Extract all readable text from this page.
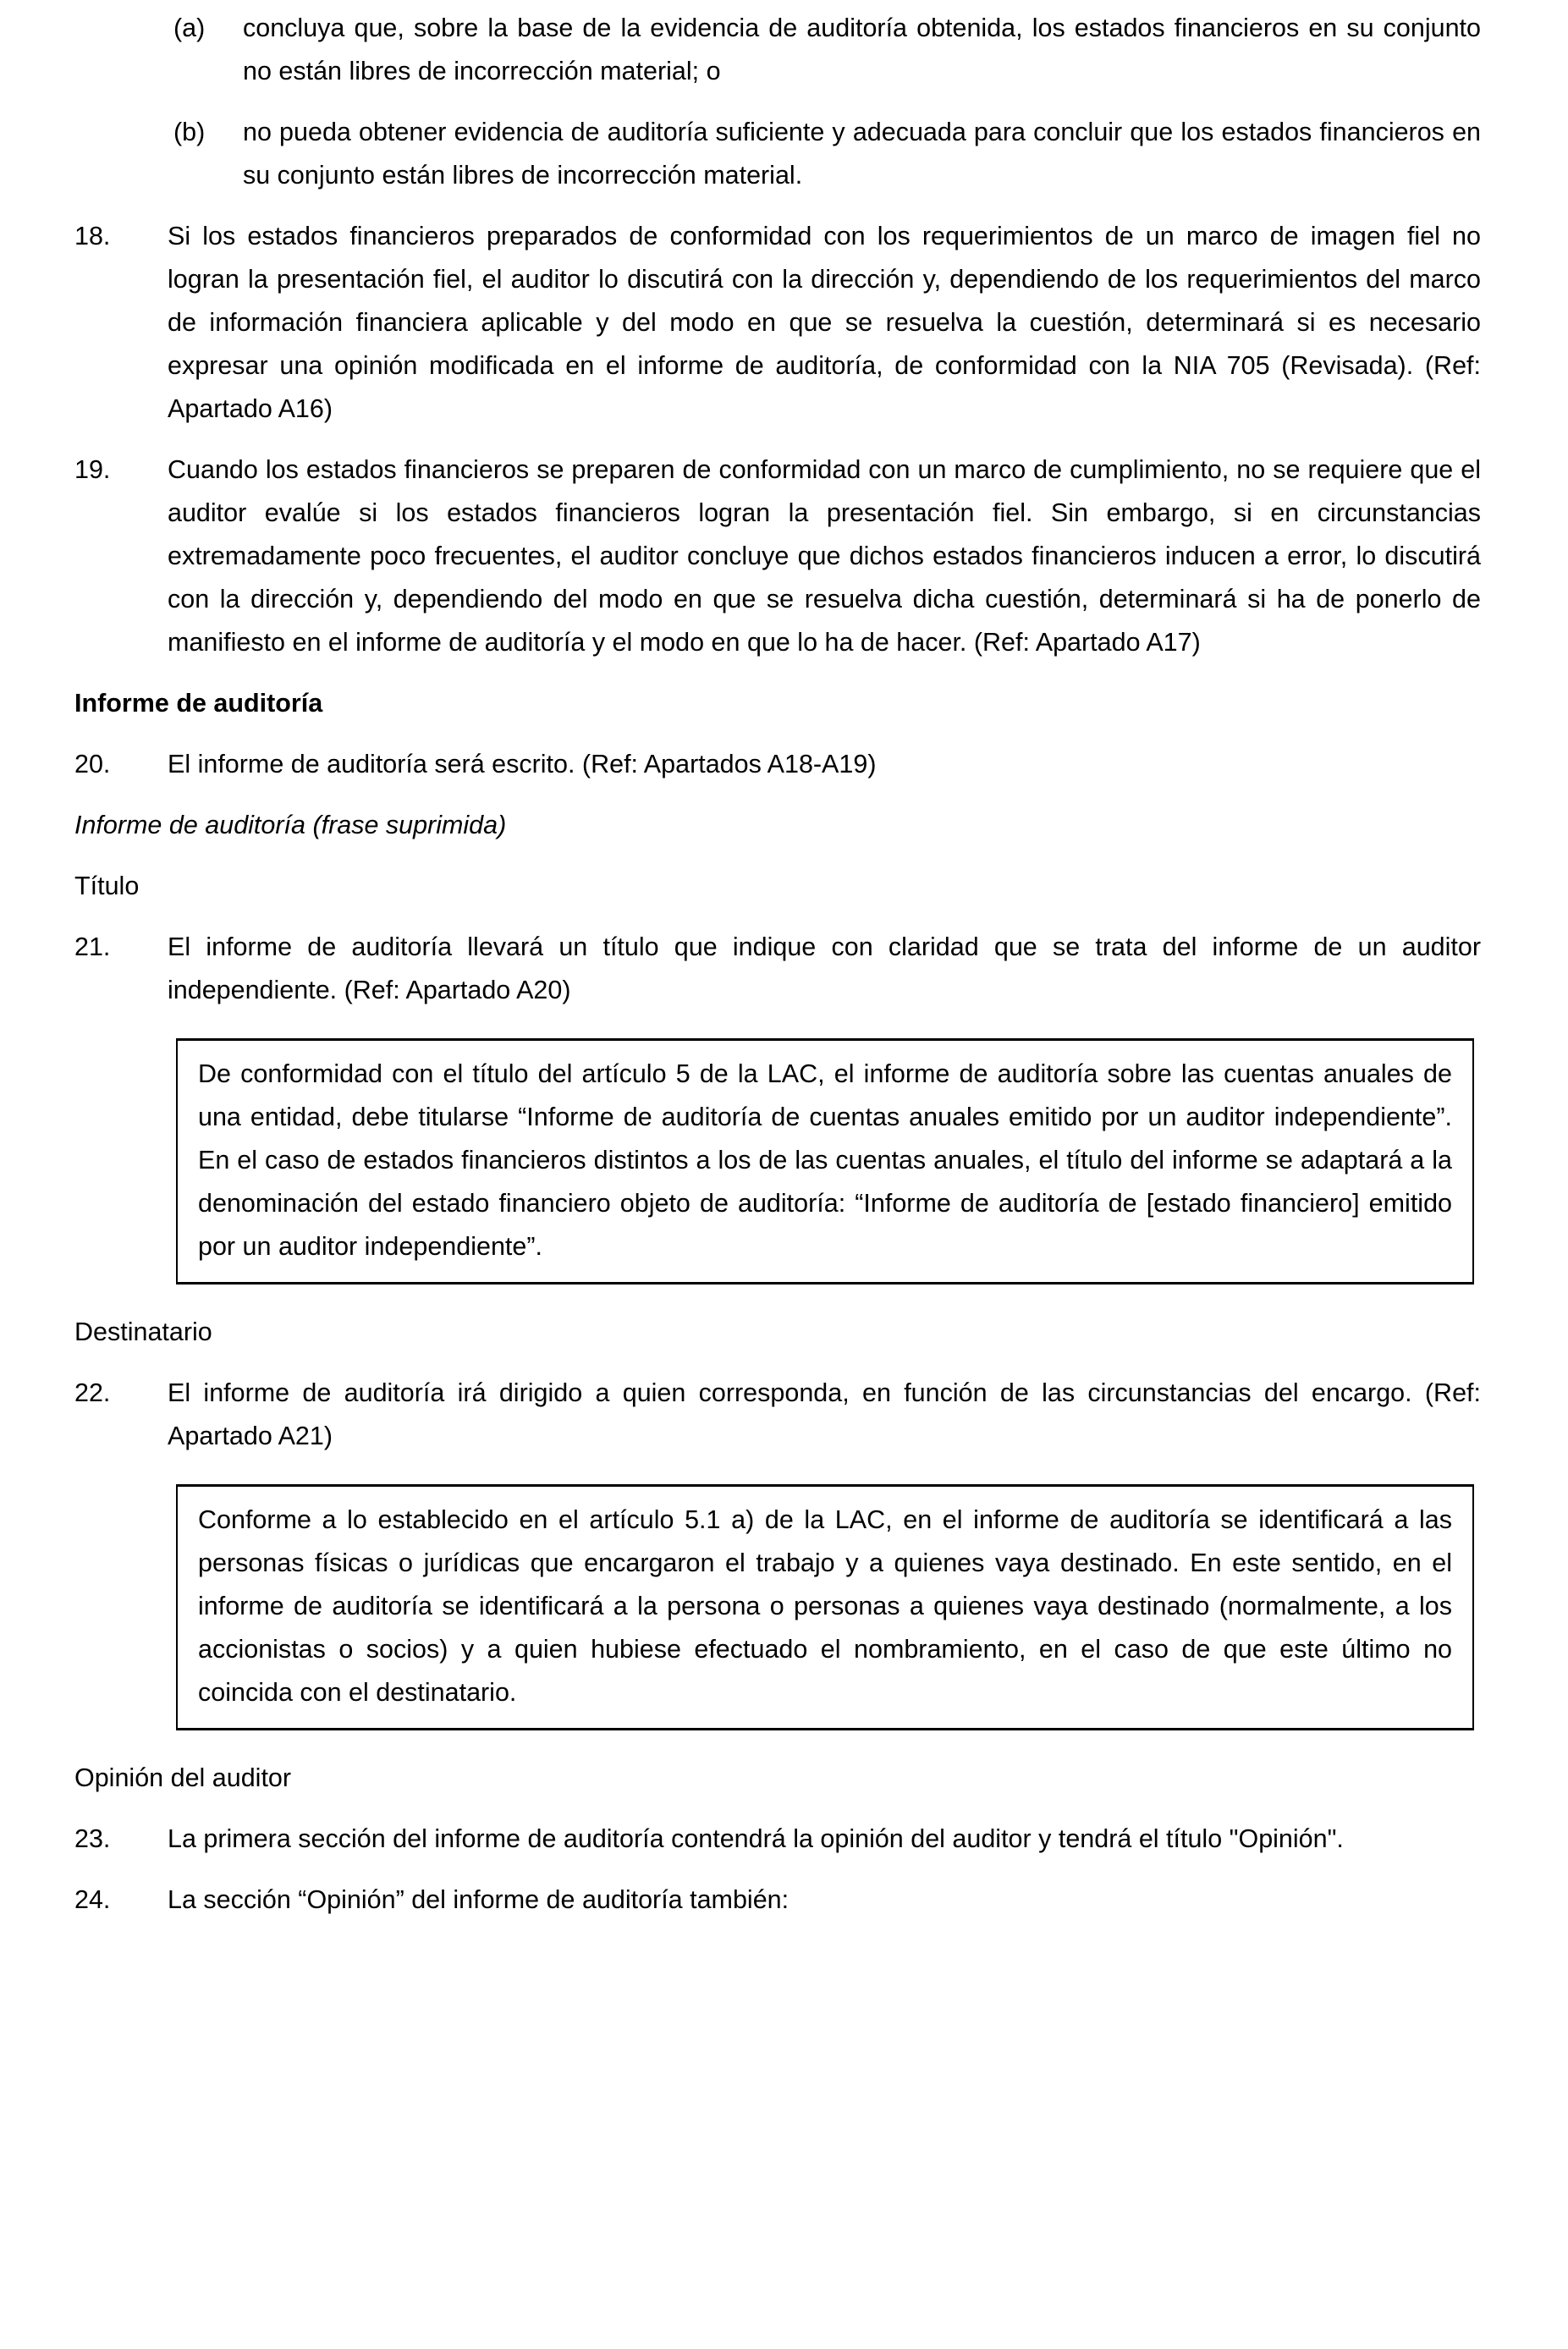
(a)	concluya que, sobre la base de la evidencia de auditoría obtenida, los estados financieros en su conjunto no están libres de incorrección material; o
(b)	no pueda obtener evidencia de auditoría suficiente y adecuada para concluir que los estados financieros en su conjunto están libres de incorrección material.
18.	Si los estados financieros preparados de conformidad con los requerimientos de un marco de imagen fiel no logran la presentación fiel, el auditor lo discutirá con la dirección y, dependiendo de los requerimientos del marco de información financiera aplicable y del modo en que se resuelva la cuestión, determinará si es necesario expresar una opinión modificada en el informe de auditoría, de conformidad con la NIA 705 (Revisada). (Ref: Apartado A16)
19.	Cuando los estados financieros se preparen de conformidad con un marco de cumplimiento, no se requiere que el auditor evalúe si los estados financieros logran la presentación fiel. Sin embargo, si en circunstancias extremadamente poco frecuentes, el auditor concluye que dichos estados financieros inducen a error, lo discutirá con la dirección y, dependiendo del modo en que se resuelva dicha cuestión, determinará si ha de ponerlo de manifiesto en el informe de auditoría y el modo en que lo ha de hacer. (Ref: Apartado A17)
Informe de auditoría
20.	El informe de auditoría será escrito. (Ref: Apartados A18-A19)
Informe de auditoría (frase suprimida)
Título
21.	El informe de auditoría llevará un título que indique con claridad que se trata del informe de un auditor independiente. (Ref: Apartado A20)

De conformidad con el título del artículo 5 de la LAC, el informe de auditoría sobre las cuentas anuales de una entidad, debe titularse “Informe de auditoría de cuentas anuales emitido por un auditor independiente”. En el caso de estados financieros distintos a los de las cuentas anuales, el título del informe se adaptará a la denominación del estado financiero objeto de auditoría: “Informe de auditoría de [estado financiero] emitido por un auditor independiente”.

Destinatario
22.	El informe de auditoría irá dirigido a quien corresponda, en función de las circunstancias del encargo. (Ref: Apartado A21)

Conforme a lo establecido en el artículo 5.1 a) de la LAC, en el informe de auditoría se identificará a las personas físicas o jurídicas que encargaron el trabajo y a quienes vaya destinado. En este sentido, en el informe de auditoría se identificará a la persona o personas a quienes vaya destinado (normalmente, a los accionistas o socios) y a quien hubiese efectuado el nombramiento, en el caso de que este último no coincida con el destinatario.

Opinión del auditor
23.	La primera sección del informe de auditoría contendrá la opinión del auditor y tendrá el título "Opinión".
24.	La sección “Opinión” del informe de auditoría también:
